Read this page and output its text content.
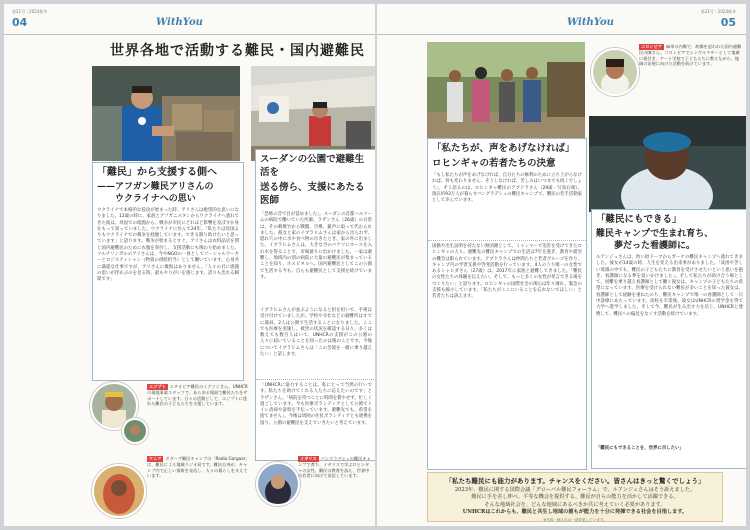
第21号｜2024秋冬
04	WithYou
世界各地で活動する難民・国内避難民
「難民」から支援する側へ
——アフガン難民アリさんの
ウクライナへの思い
ウクライナで本格的な侵攻が始まった時、アリさんは絶望的な思いになりました。12歳の時に、家族とアフガニスタンからウクライナへ逃れてきた彼は、母国での暗闇から、戦争が市民にどれほど影響を及ぼすか身をもって知っていました。ウクライナに住んで24年。「私たちは母国よりもウクライナでの戦争を経歴しています。できる限り助けたいと思っています」と語ります。戦争が始まるとすぐ、アリさんは衣料品店を閉じ国内避難民のために衣服を寄付し、支援活動にも関わり始めました。マルチリンガルのアリさんは、今やNGOの一員としてソーシャルワーカーとロジスティシャン（物資の供給担当）として働いています。心身共に満提な仕事ですが、アリさんに後悔はありません。「人々の目に感謝の思いが浮かぶのを見る時、最もやりがいを感じます。誇りも出れる瞬間です」
スーダンの公園で避難生活を
送る傍ら、支援にあたる医師
「恐怖の音で目が覚めました」。スーダンの首都ハルツームの病院で働いていた医師、ラザンさん（26歳）の日常は、その朝爆竹から戦闘、空爆、銃声に取って代わられました。彼女と家のイブラヒムさんは家から出られず、隠れ穴の中に水や食べ物の尽きたとき、家の外に出ました。イブラヒムさんは、大きな空のバケツにホースを入れ水を得ることで、市場通りに出かけました。一家は避難し、地域内の別の病院に大量の避難民が集まっていることを知り、ホスピタルへ。国内避難民としてこの公園で生活する今も、自らも避難民として支援を続けています。
イブラヒムさんが並ぶようになると担を担いで、手術は受け付けていましたが、学校や寺社などの避難所はすでに満員。2人は公園で生活することになりました。ここでも医療を実施し、被害の状況を確認する日々。多くは数えても数百人はいて、UNHCRの支援がこの公園の人々に届いていることを知ったのは後のことです。今後についてイブラヒムさんは「この苦境を一緒に乗り越えたい」と話します。
「UNHCRに協力することは、私にとって当然の行いです。私たちを助けてくれる人たちに応えたいのです」とラザンさん。「病院を待つことに時間を費やせず、忙しく過ごしています。今も医療ボランティアとして公園でトイレ清掃や診察を手伝っています。避難先でも、希望を捨てません」。今後は周囲の住民ボランティアとも連携を図り、公園の避難民を支えていきたいと考えています。
エジプト エチオピア難民のイグソンさん。UNHCRの現地事業スタッフで、あらゆる場面で難民たちをサポートしています。日々の活動として、エジプトに逃れた難民の子どもたちを支援しています。
ケニア ダダーブ難民キャンプの「Radio Gargaar」は、難民による地域ラジオ局です。難民自身が、キャンプ内で正しい情報を発信し、人々の暮らしを支えています。
イギリス バングラデシュの難民キャンプで育ち、イギリスで学ぶロヒンギャの女性。難民の教育を訴え、世界中の若者に向けて発信しています。
第21号｜2024秋冬
05
WithYou
コロンビア 麻単の内戦で、故郷を追われた国内避難民の陳さん。コロンビアでシングルマザーとして地域に根付き、アート学校で子どもたちに教えながら、地域の発展に向けた活動を続けています。
「私たちが、声をあげなければ」
ロヒンギャの若者たちの決意
「もし私たちが声をあげなければ、自分たちの権利のために立ち上がらなければ、何も変わりません。そうしなければ、苦しみはいつまでも続くでしょう」。そう語るのは、ロヒンギャ難民のアブドラさん（29歳・写真右端）。現在約93万人が暮らすバングラデシュの難民キャンプで、難民の若手活動家として歩んでいます。
国籍や出生証明を持たない無国籍として、ミャンマーで迫害を受けてきたロヒンギャの人々。避難先の難民キャンプでの生活は7年を過ぎ、教育や就労の機会は限られています。アブドラさんは仲間たちと若者グループを作り、キャンプ内の学習支援や啓発活動を行っています。4人のうち唯一の女性であるシャヒダさん（27歳）は、2017年に家族と避難してきました。「難民の女性たちの体験を伝えたい。そして、もっと多くの女性が発言できる場をつくりたい」と語ります。ロヒンギャの国際社会の関心は年々薄れ、緊急の支援も縮小しています。「私たちがここにいることを忘れないでほしい」と若者たちは訴えます。
「難民にもできる」
難民キャンプで生まれ育ち、
夢だった看護師に。
ルアンジュさんは、幼い頃ドーブからガーナの難民キャンプへ逃れてきました。彼女が14歳の時、人生を変える出来事がありました。「貧困や苦しい境遇の中でも、難民の子どもたちに教育を受けさせたいという思いを抱き、看護師になる夢を追いかけました」。そして私たちが助け合う場として、困難を乗り越え看護師として働く彼女は、キャンプの子どもたちの希望になっています。医療を受けられない難民が多いことを知った彼女は、看護師として経験を重ねたのち、難民キャンプで唯一の看護師として一日中診療にあたっています。高校を卒業後、彼女はUNHCRの奨学金を得て大学へ進学しました。そして今、難民が生み出す力を信じ、UNHCRと連携して、難民への偏見をなくす活動を続けています。
「難民にもできることを、世界に示したい」
「私たち難民にも能力があります。チャンスをください。皆さんはきっと驚くでしょう」
2023年、難民に関する国際会議「グローバル難民フォーラム」で、ルアンジュさんはそう訴えました。
難民に手を差し伸べ、平等な機会を提供する。難民が自らの能力を活かして活躍できる、
そんな地域社会を、どんな地域にあるべきか共に考えていく必要があります。
UNHCRはこれからも、難民と共生し地域の誰もが能力を十分に発揮できる社会を目指します。
※写真・個人名は一部変更しています。
